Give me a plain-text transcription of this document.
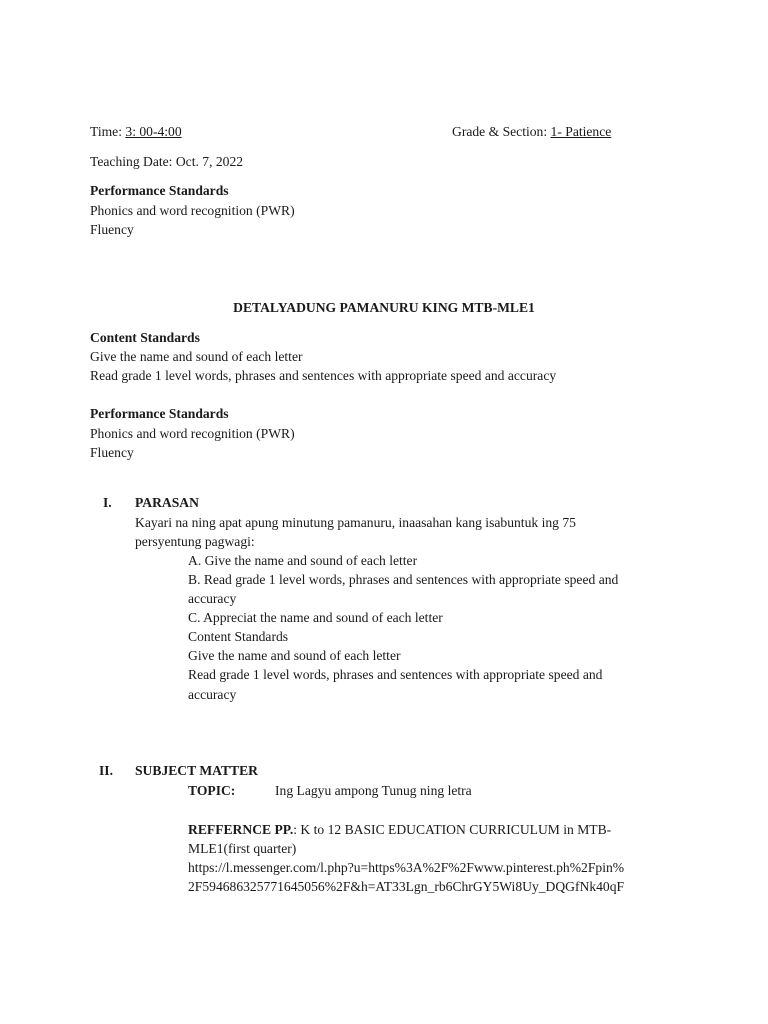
Time: 3: 00-4:00	Grade & Section: 1- Patience
Teaching Date: Oct. 7, 2022
Performance Standards
Phonics and word recognition (PWR)
Fluency
DETALYADUNG PAMANURU KING MTB-MLE1
Content Standards
Give the name and sound of each letter
Read grade 1 level words, phrases and sentences with appropriate speed and accuracy
Performance Standards
Phonics and word recognition (PWR)
Fluency
I. PARASAN
Kayari na ning apat apung minutung pamanuru, inaasahan kang isabuntuk ing 75
persyentung pagwagi:
A. Give the name and sound of each letter
B. Read grade 1 level words, phrases and sentences with appropriate speed and
accuracy
C. Appreciat the name and sound of each letter
Content Standards
Give the name and sound of each letter
Read grade 1 level words, phrases and sentences with appropriate speed and
accuracy
II. SUBJECT MATTER
TOPIC:	Ing Lagyu ampong Tunug ning letra
REFFERNCE PP.: K to 12 BASIC EDUCATION CURRICULUM in MTB-
MLE1(first quarter)
https://l.messenger.com/l.php?u=https%3A%2F%2Fwww.pinterest.ph%2Fpin%
2F594686325771645056%2F&h=AT33Lgn_rb6ChrGY5Wi8Uy_DQGfNk40qF
